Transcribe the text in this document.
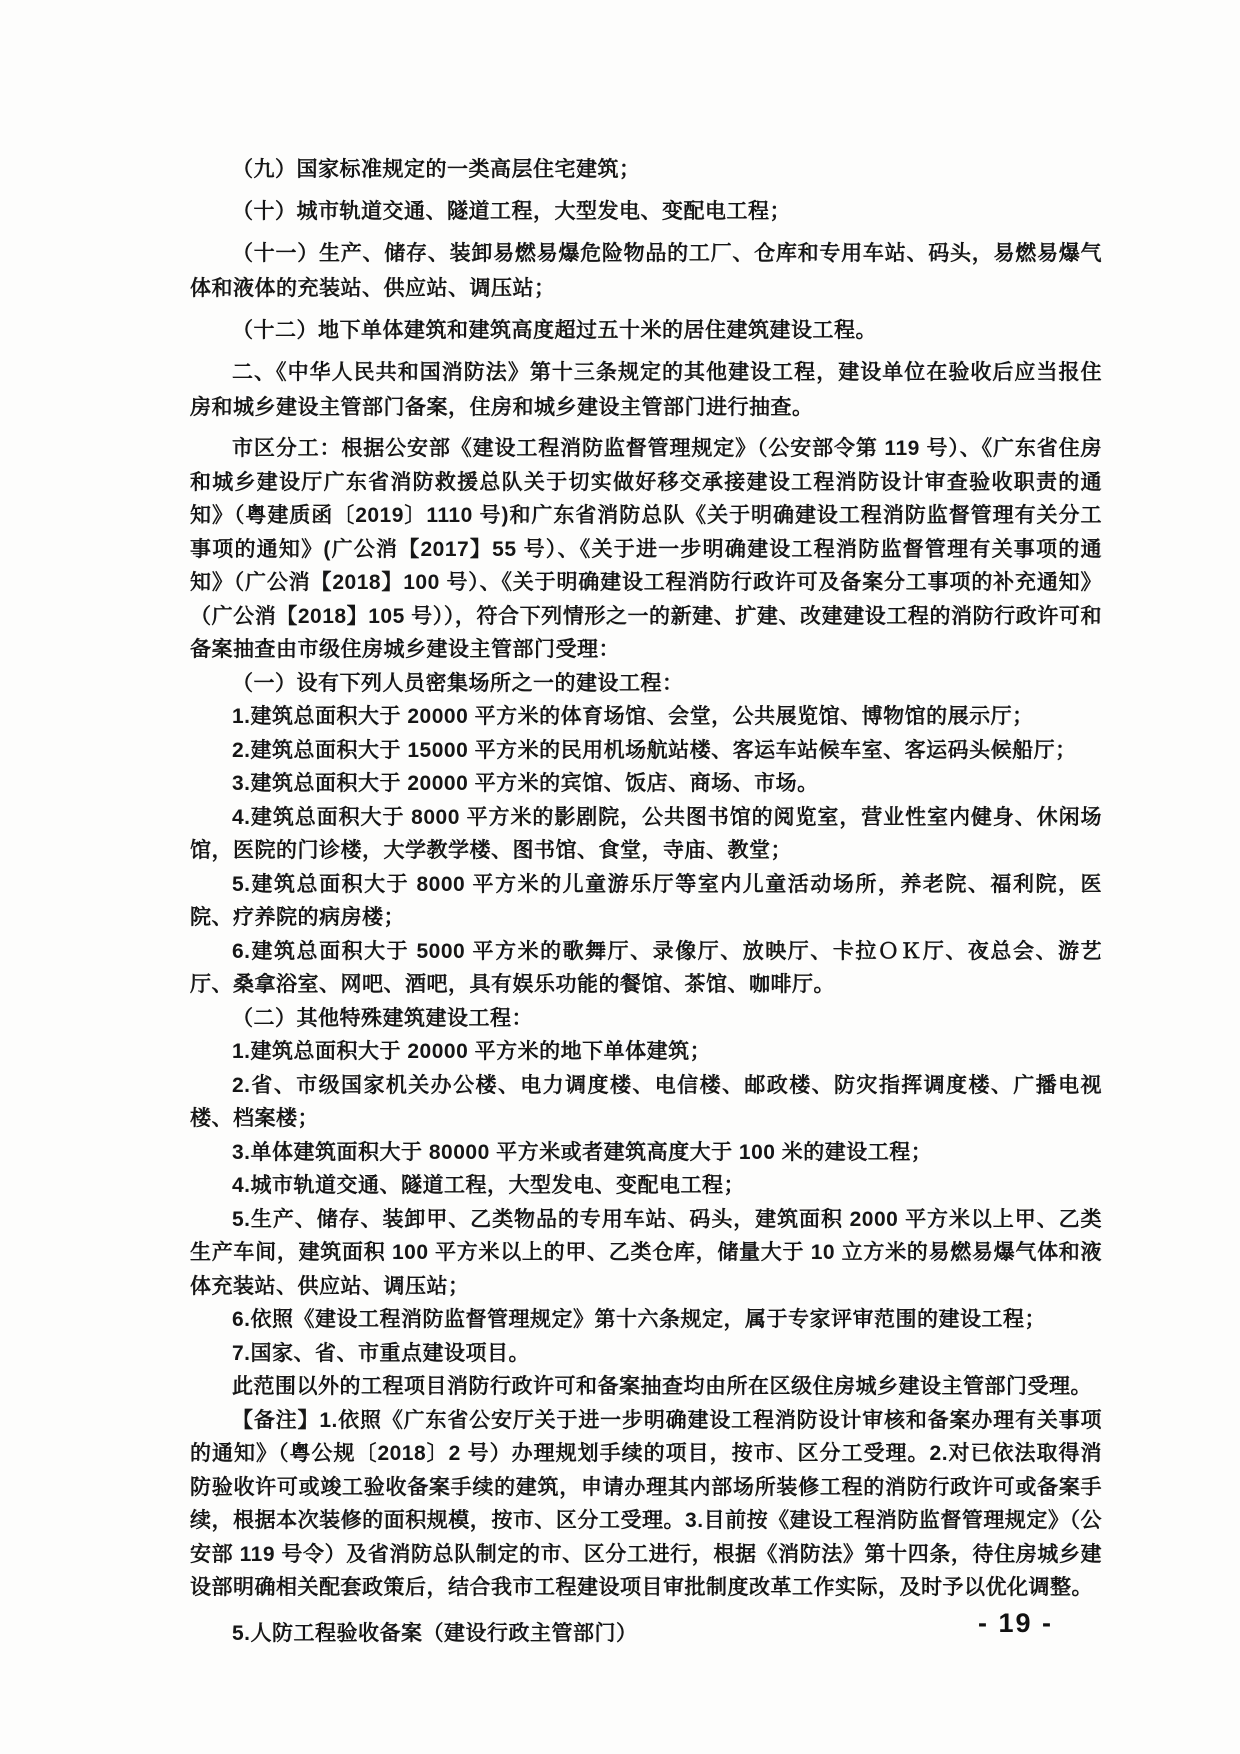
（九）国家标准规定的一类高层住宅建筑；

（十）城市轨道交通、隧道工程，大型发电、变配电工程；

（十一）生产、储存、装卸易燃易爆危险物品的工厂、仓库和专用车站、码头，易燃易爆气体和液体的充装站、供应站、调压站；

（十二）地下单体建筑和建筑高度超过五十米的居住建筑建设工程。

二、《中华人民共和国消防法》第十三条规定的其他建设工程，建设单位在验收后应当报住房和城乡建设主管部门备案，住房和城乡建设主管部门进行抽查。

市区分工：根据公安部《建设工程消防监督管理规定》（公安部令第 119 号）、《广东省住房和城乡建设厅广东省消防救援总队关于切实做好移交承接建设工程消防设计审查验收职责的通知》（粤建质函〔2019〕1110 号)和广东省消防总队《关于明确建设工程消防监督管理有关分工事项的通知》(广公消【2017】55 号）、《关于进一步明确建设工程消防监督管理有关事项的通知》（广公消【2018】100 号）、《关于明确建设工程消防行政许可及备案分工事项的补充通知》（广公消【2018】105 号）），符合下列情形之一的新建、扩建、改建建设工程的消防行政许可和备案抽查由市级住房城乡建设主管部门受理：

（一）设有下列人员密集场所之一的建设工程：

1.建筑总面积大于 20000 平方米的体育场馆、会堂，公共展览馆、博物馆的展示厅；

2.建筑总面积大于 15000 平方米的民用机场航站楼、客运车站候车室、客运码头候船厅；

3.建筑总面积大于 20000 平方米的宾馆、饭店、商场、市场。

4.建筑总面积大于 8000 平方米的影剧院，公共图书馆的阅览室，营业性室内健身、休闲场馆，医院的门诊楼，大学教学楼、图书馆、食堂，寺庙、教堂；

5.建筑总面积大于 8000 平方米的儿童游乐厅等室内儿童活动场所，养老院、福利院，医院、疗养院的病房楼；

6.建筑总面积大于 5000 平方米的歌舞厅、录像厅、放映厅、卡拉ＯＫ厅、夜总会、游艺厅、桑拿浴室、网吧、酒吧，具有娱乐功能的餐馆、茶馆、咖啡厅。

（二）其他特殊建筑建设工程：

1.建筑总面积大于 20000 平方米的地下单体建筑；

2.省、市级国家机关办公楼、电力调度楼、电信楼、邮政楼、防灾指挥调度楼、广播电视楼、档案楼；

3.单体建筑面积大于 80000 平方米或者建筑高度大于 100 米的建设工程；

4.城市轨道交通、隧道工程，大型发电、变配电工程；

5.生产、储存、装卸甲、乙类物品的专用车站、码头，建筑面积 2000 平方米以上甲、乙类生产车间，建筑面积 100 平方米以上的甲、乙类仓库，储量大于 10 立方米的易燃易爆气体和液体充装站、供应站、调压站；

6.依照《建设工程消防监督管理规定》第十六条规定，属于专家评审范围的建设工程；

7.国家、省、市重点建设项目。

此范围以外的工程项目消防行政许可和备案抽查均由所在区级住房城乡建设主管部门受理。

【备注】1.依照《广东省公安厅关于进一步明确建设工程消防设计审核和备案办理有关事项的通知》（粤公规〔2018〕2 号）办理规划手续的项目，按市、区分工受理。2.对已依法取得消防验收许可或竣工验收备案手续的建筑，申请办理其内部场所装修工程的消防行政许可或备案手续，根据本次装修的面积规模，按市、区分工受理。3.目前按《建设工程消防监督管理规定》（公安部 119 号令）及省消防总队制定的市、区分工进行，根据《消防法》第十四条，待住房城乡建设部明确相关配套政策后，结合我市工程建设项目审批制度改革工作实际，及时予以优化调整。

5.人防工程验收备案（建设行政主管部门）	- 19 -
